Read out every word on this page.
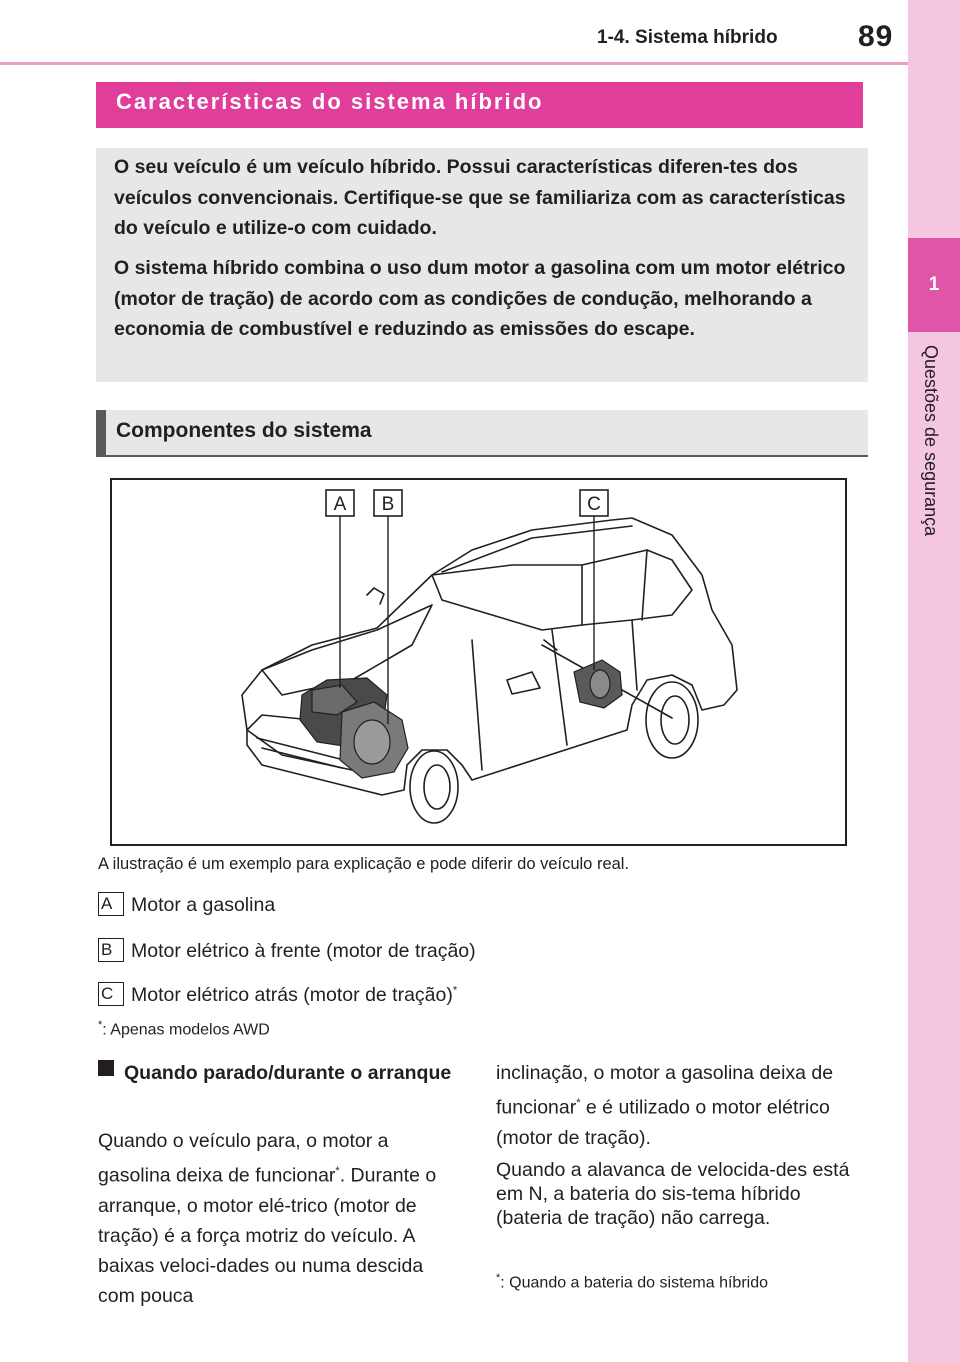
1-4. Sistema híbrido	89
1
Questões de segurança
Características do sistema híbrido

O seu veículo é um veículo híbrido. Possui características diferen-tes dos veículos convencionais. Certifique-se que se familiariza com as características do veículo e utilize-o com cuidado.

O sistema híbrido combina o uso dum motor a gasolina com um motor elétrico (motor de tração) de acordo com as condições de condução, melhorando a economia de combustível e reduzindo as emissões do escape.

Componentes do sistema
A B	C
A ilustração é um exemplo para explicação e pode diferir do veículo real.
A Motor a gasolina
B Motor elétrico à frente (motor de tração)
C Motor elétrico atrás (motor de tração)*
*: Apenas modelos AWD
Quando parado/durante o arranque

Quando o veículo para, o motor a gasolina deixa de funcionar*. Durante o arranque, o motor elé-trico (motor de tração) é a força motriz do veículo. A baixas veloci-dades ou numa descida com pouca

inclinação, o motor a gasolina deixa de funcionar* e é utilizado o motor elétrico (motor de tração).

Quando a alavanca de velocida-des está em N, a bateria do sis-tema híbrido (bateria de tração) não carrega.

*: Quando a bateria do sistema híbrido
